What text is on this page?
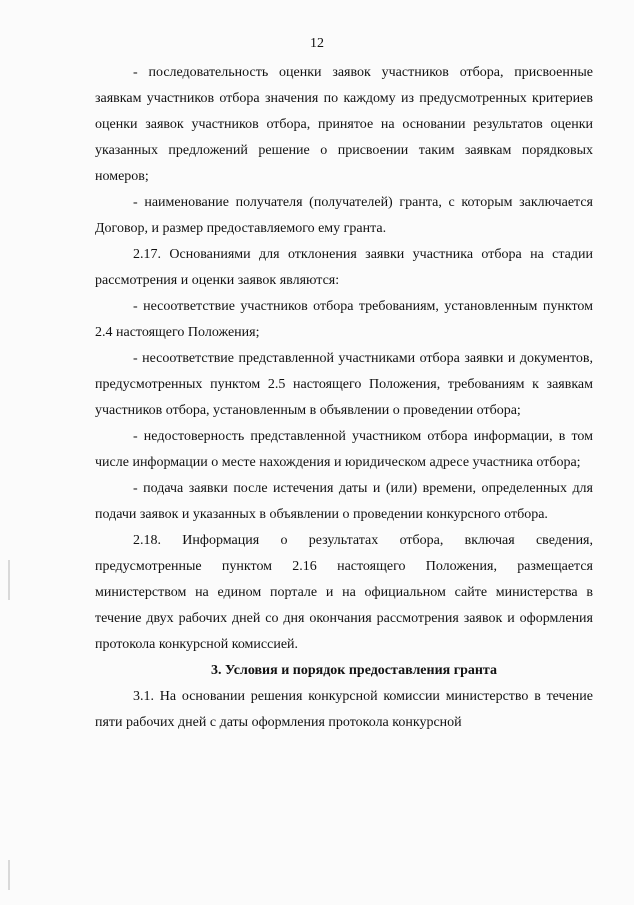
12

- последовательность оценки заявок участников отбора, присвоенные заявкам участников отбора значения по каждому из предусмотренных критериев оценки заявок участников отбора, принятое на основании результатов оценки указанных предложений решение о присвоении таким заявкам порядковых номеров;

- наименование получателя (получателей) гранта, с которым заключается Договор, и размер предоставляемого ему гранта.

2.17. Основаниями для отклонения заявки участника отбора на стадии рассмотрения и оценки заявок являются:

- несоответствие участников отбора требованиям, установленным пунктом 2.4 настоящего Положения;

- несоответствие представленной участниками отбора заявки и документов, предусмотренных пунктом 2.5 настоящего Положения, требованиям к заявкам участников отбора, установленным в объявлении о проведении отбора;

- недостоверность представленной участником отбора информации, в том числе информации о месте нахождения и юридическом адресе участника отбора;

- подача заявки после истечения даты и (или) времени, определенных для подачи заявок и указанных в объявлении о проведении конкурсного отбора.

2.18. Информация о результатах отбора, включая сведения, предусмотренные пунктом 2.16 настоящего Положения, размещается министерством на едином портале и на официальном сайте министерства в течение двух рабочих дней со дня окончания рассмотрения заявок и оформления протокола конкурсной комиссией.

3. Условия и порядок предоставления гранта

3.1. На основании решения конкурсной комиссии министерство в течение пяти рабочих дней с даты оформления протокола конкурсной
